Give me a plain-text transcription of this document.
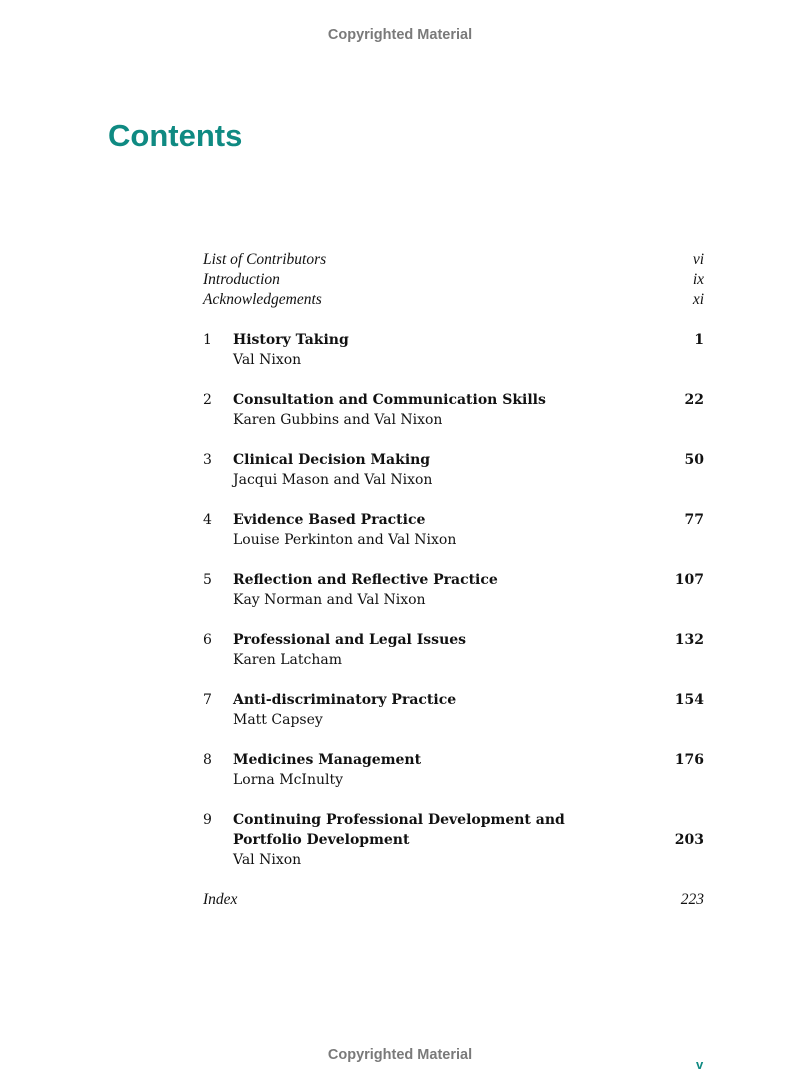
Copyrighted Material
Contents
List of Contributors	vi
Introduction	ix
Acknowledgements	xi
1 History Taking	1
Val Nixon
2 Consultation and Communication Skills	22
Karen Gubbins and Val Nixon
3 Clinical Decision Making	50
Jacqui Mason and Val Nixon
4 Evidence Based Practice	77
Louise Perkinton and Val Nixon
5 Reflection and Reflective Practice	107
Kay Norman and Val Nixon
6 Professional and Legal Issues	132
Karen Latcham
7 Anti-discriminatory Practice	154
Matt Capsey
8 Medicines Management	176
Lorna McInulty
9 Continuing Professional Development and
Portfolio Development	203
Val Nixon
Index	223
Copyrighted Material
v
